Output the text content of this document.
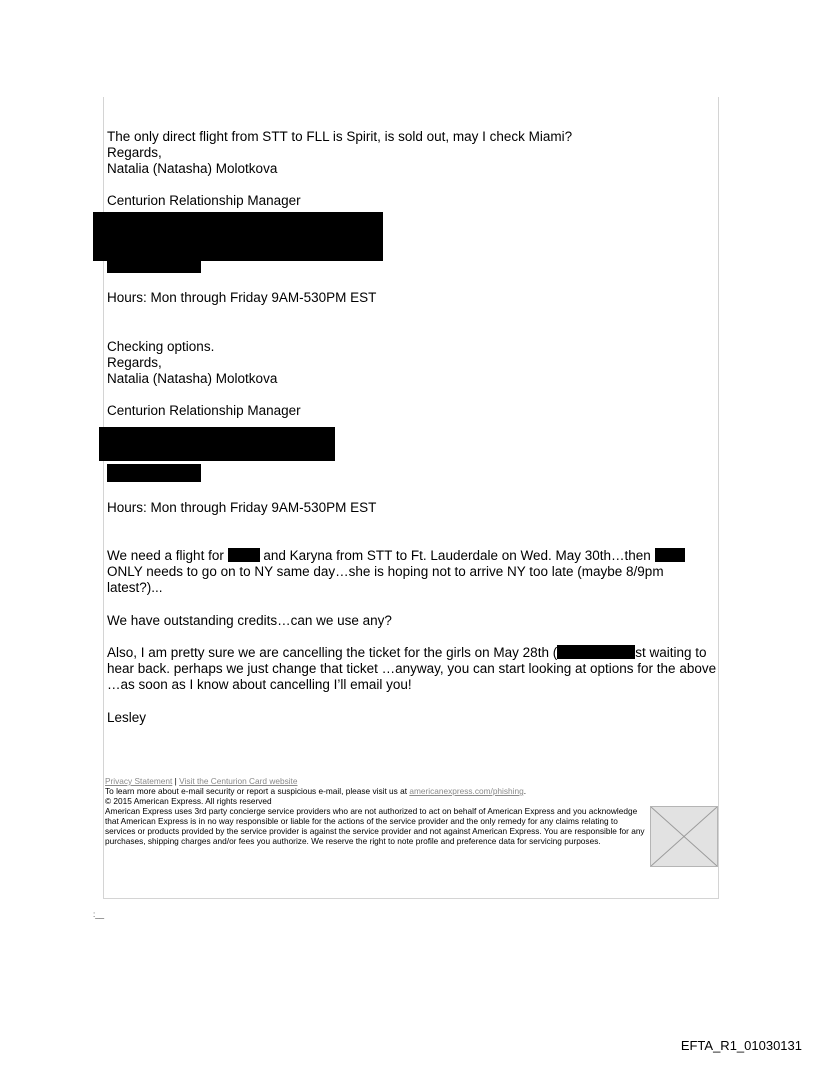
The only direct flight from STT to FLL is Spirit, is sold out, may I check Miami?
Regards,
Natalia (Natasha) Molotkova
Centurion Relationship Manager
Hours: Mon through Friday 9AM-530PM EST
Checking options.
Regards,
Natalia (Natasha) Molotkova
Centurion Relationship Manager
Hours: Mon through Friday 9AM-530PM EST
We need a flight for	and Karyna from STT to Ft. Lauderdale on Wed. May 30th…then  ONLY needs to go on to NY same day…she is hoping not to arrive NY too late (maybe 8/9pm latest?)...
We have outstanding credits…can we use any?
Also, I am pretty sure we are cancelling the ticket for the girls on May 28th (	st waiting to hear back. perhaps we just change that ticket …anyway, you can start looking at options for the above …as soon as I know about cancelling I’ll email you!
Lesley
Privacy Statement | Visit the Centurion Card website
To learn more about e-mail security or report a suspicious e-mail, please visit us at americanexpress.com/phishing.
© 2015 American Express. All rights reserved
American Express uses 3rd party concierge service providers who are not authorized to act on behalf of American Express and you acknowledge that American Express is in no way responsible or liable for the actions of the service provider and the only remedy for any claims relating to services or products provided by the service provider is against the service provider and not against American Express. You are responsible for any purchases, shipping charges and/or fees you authorize. We reserve the right to note profile and preference data for servicing purposes.
:__
EFTA_R1_01030131
